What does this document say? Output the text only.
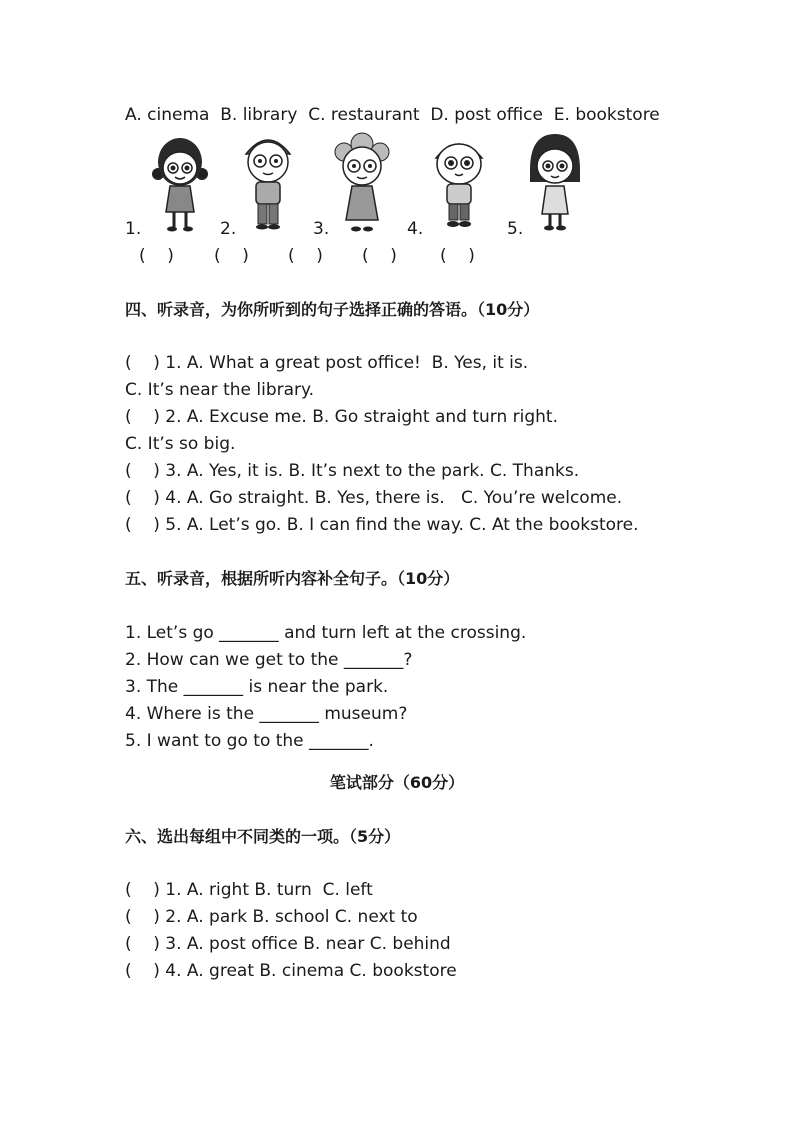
A. cinema  B. library  C. restaurant  D. post office  E. bookstore
1.	2.	3.	4.	5.
(    ) (    ) (    ) (    )	(    )
四、听录音，为你所听到的句子选择正确的答语。（10分）
(    ) 1. A. What a great post office!  B. Yes, it is.
C. It’s near the library.
(    ) 2. A. Excuse me. B. Go straight and turn right.
C. It’s so big.
(    ) 3. A. Yes, it is. B. It’s next to the park. C. Thanks.
(    ) 4. A. Go straight. B. Yes, there is.   C. You’re welcome.
(    ) 5. A. Let’s go. B. I can find the way. C. At the bookstore.
五、听录音，根据所听内容补全句子。（10分）
1. Let’s go _______ and turn left at the crossing.
2. How can we get to the _______?
3. The _______ is near the park.
4. Where is the _______ museum?
5. I want to go to the _______.
笔试部分（60分）
六、选出每组中不同类的一项。（5分）
(    ) 1. A. right B. turn  C. left
(    ) 2. A. park B. school C. next to
(    ) 3. A. post office B. near C. behind
(    ) 4. A. great B. cinema C. bookstore
